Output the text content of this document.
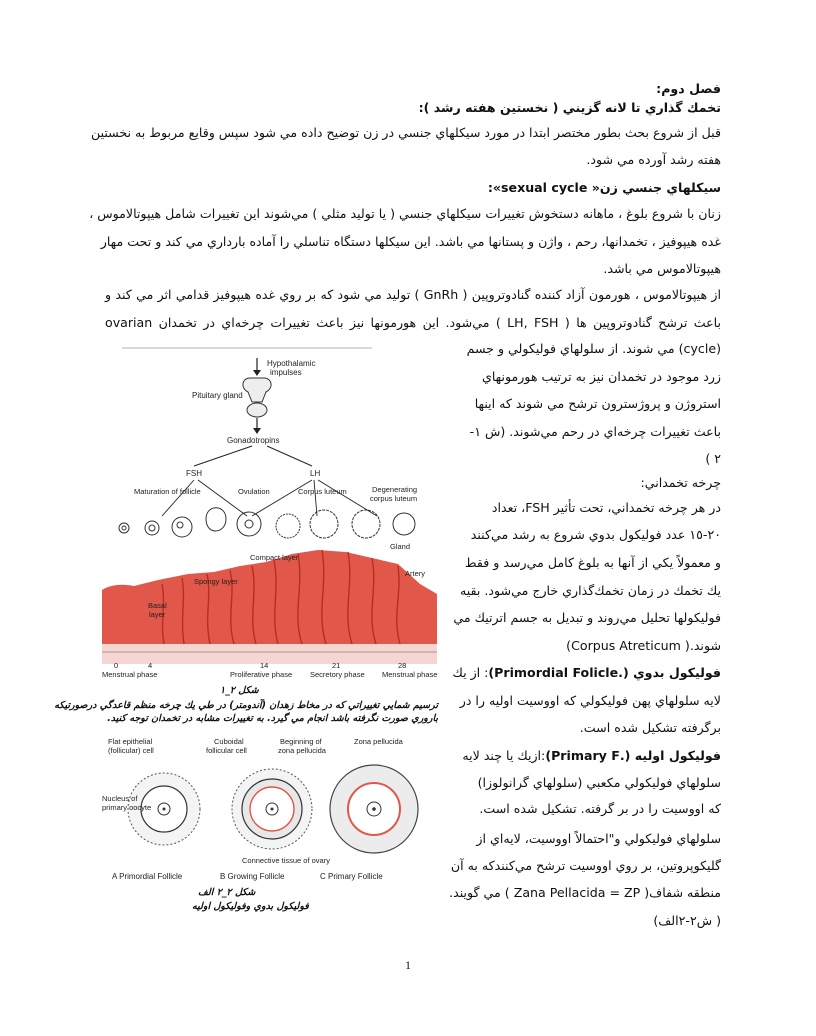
فصل دوم:
تخمك گذاري تا لانه گزيني ( نخستين هفته رشد ):
قبل از شروع بحث بطور مختصر ابتدا در مورد سيكلهاي جنسي در زن توضيح داده مي شود سپس وقايع مربوط به نخستين
هفته رشد آورده مي شود.
سيكلهاي جنسي زن« sexual cycle»:
زنان با شروع بلوغ ، ماهانه دستخوش تغييرات سيكلهاي جنسي ( يا توليد مثلي ) مي‌شوند اين تغييرات شامل هيپوتالاموس ،
غده هيپوفيز ، تخمدانها، رحم ، واژن و پستانها مي باشد. اين سيكلها دستگاه تناسلي را آماده بارداري مي كند و تحت مهار
هيپوتالاموس مي باشد.
از هيپوتالاموس ، هورمون آزاد كننده گنادوتروپين ( GnRh ) توليد مي شود كه بر روي غده هيپوفيز قدامي اثر مي كند و
باعث ترشح گنادوتروپين ها ( LH, FSH ) مي‌شود. اين هورمونها نيز باعث تغييرات چرخه‌اي در تخمدان ovarian
(cycle) مي شوند. از سلولهاي فوليكولي و جسم
زرد موجود در تخمدان نيز به ترتيب هورمونهاي
استروژن و پروژسترون ترشح مي شوند كه اينها
باعث تغييرات چرخه‌اي در رحم مي‌شوند. (ش ١-
٢ )
چرخه تخمداني:
در هر چرخه تخمداني، تحت تأثير FSH، تعداد
٢٠-١٥ عدد فوليكول بدوي شروع به رشد مي‌كنند
و معمولاً يكي از آنها به بلوغ كامل مي‌رسد و فقط
يك تخمك در زمان تخمك‌گذاري خارج مي‌شود. بقيه
فوليكولها تحليل مي‌روند و تبديل به جسم اترتيك مي
شوند.( Corpus Atreticum)
فوليكول بدوي (.Primordial Folicle): از يك
لايه سلولهاي پهن فوليكولي كه اووسيت اوليه را در
برگرفته تشكيل شده است.
فوليكول اوليه (.Primary F):ازيك يا چند لايه
سلولهاي فوليكولي مكعبي (سلولهاي گرانولوزا)
كه اووسيت را در بر گرفته. تشكيل شده است.
سلولهاي فوليكولي و"احتمالاً اووسيت، لايه‌اي از
گليكوپروتين، بر روي اووسيت ترشح مي‌كنندكه به آن
منطقه شفاف( Zana Pellacida = ZP ) مي گويند.
( ش٢-٢الف)
Hypothalamic
impulses
Pituitary gland
Gonadotropins
FSH	LH
Maturation of follicle	Ovulation	Corpus luteum	Degenerating
corpus luteum
Compact layer
Gland
Spongy layer
Artery
Basal
layer
0	4	14	21	28
Menstrual phase	Proliferative phase Secretory phase Menstrual phase
شكل ٢_١
ترسيم شمايي تغييراتي كه در مخاط زهدان (آندومتر) در طي يك چرخه منظم قاعدگي درصورتيكه
باروري صورت نگرفته باشد انجام مي گيرد. به تغييرات مشابه در تخمدان توجه كنيد.
Flat epithelial
(follicular) cell
Cuboidal
follicular cell
Beginning of
zona pellucida
Zona pellucida
Nucleus of
primary oocyte
Connective tissue of ovary
A Primordial Follicle	B Growing Follicle	C Primary Follicle
شكل ٢_٢ الف
فوليكول بدوي وفوليكول اوليه
1
